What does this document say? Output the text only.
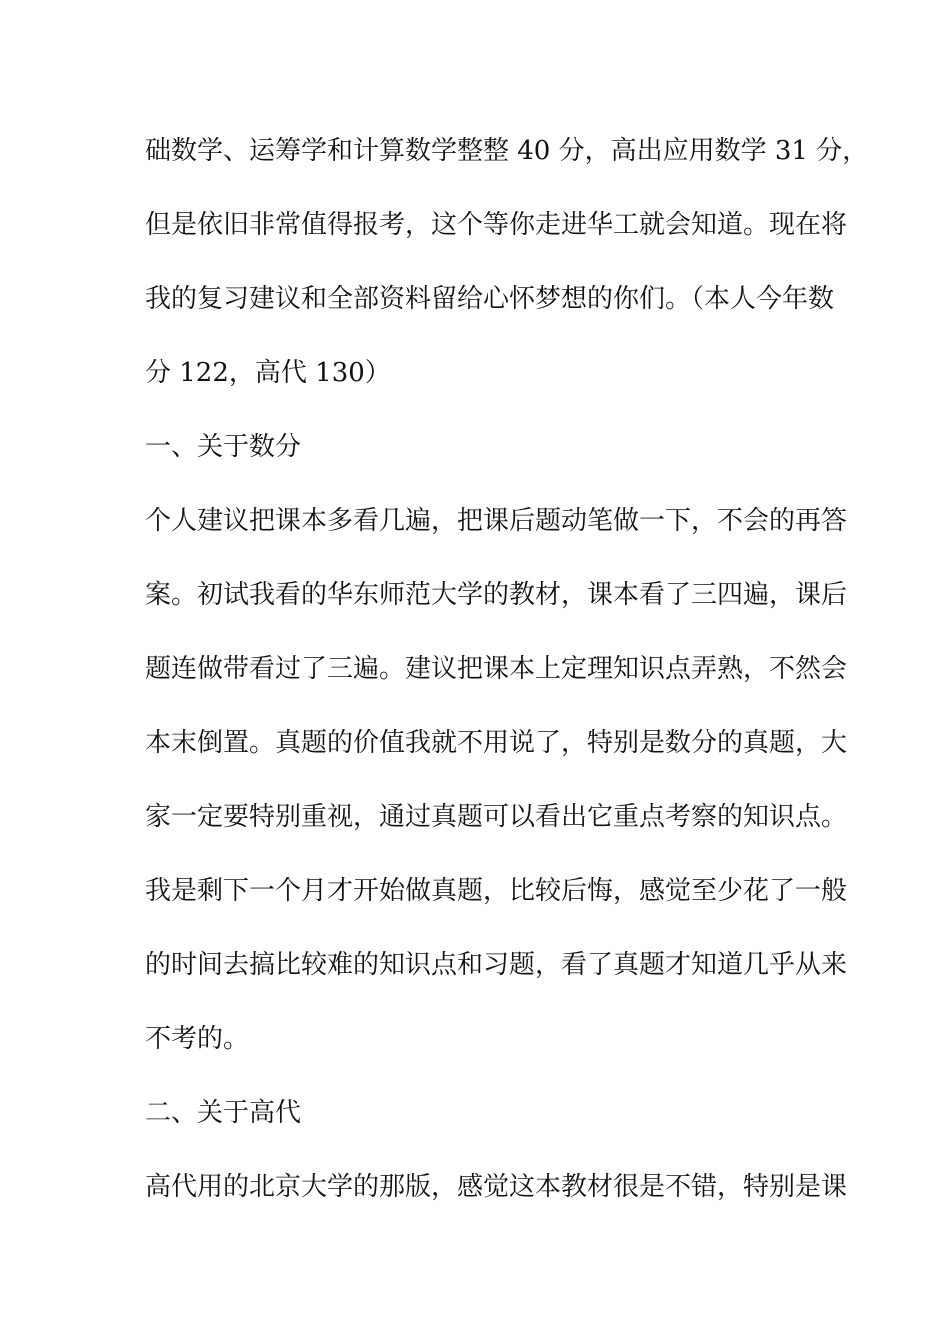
础数学、运筹学和计算数学整整 40 分，高出应用数学 31 分，
但是依旧非常值得报考，这个等你走进华工就会知道。现在将
我的复习建议和全部资料留给心怀梦想的你们。（本人今年数
分 122，高代 130）
一、关于数分
个人建议把课本多看几遍，把课后题动笔做一下，不会的再答
案。初试我看的华东师范大学的教材，课本看了三四遍，课后
题连做带看过了三遍。建议把课本上定理知识点弄熟，不然会
本末倒置。真题的价值我就不用说了，特别是数分的真题，大
家一定要特别重视，通过真题可以看出它重点考察的知识点。
我是剩下一个月才开始做真题，比较后悔，感觉至少花了一般
的时间去搞比较难的知识点和习题，看了真题才知道几乎从来
不考的。
二、关于高代
高代用的北京大学的那版，感觉这本教材很是不错，特别是课
